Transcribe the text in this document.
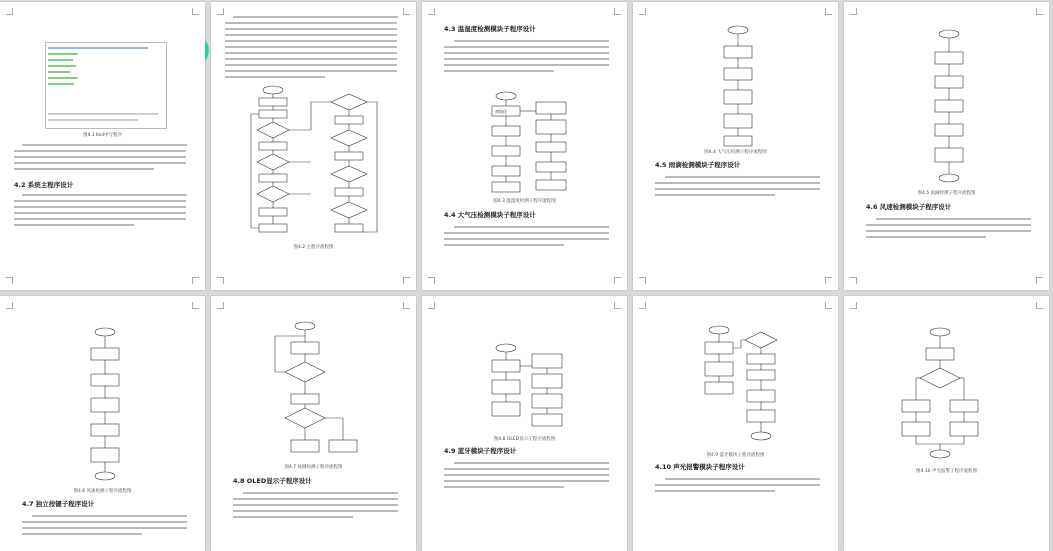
图4.1 Keil中写程序
4.2 系统主程序设计
图4.2 主程序流程图
4.3 温湿度检测模块子程序设计
初始化
图4.3 温湿度检测子程序流程图
4.4 大气压检测模块子程序设计
图4.4 大气压检测子程序流程图
4.5 雨滴检测模块子程序设计
图4.5 雨滴检测子程序流程图
4.6 风速检测模块子程序设计
图4.6 风速检测子程序流程图
4.7 独立按键子程序设计
图4.7 按键检测子程序流程图
4.8 OLED显示子程序设计
图4.8 OLED显示子程序流程图
4.9 蓝牙模块子程序设计
图4.9 蓝牙模块子程序流程图
4.10 声光报警模块子程序设计
图4.10 声光报警子程序流程图
